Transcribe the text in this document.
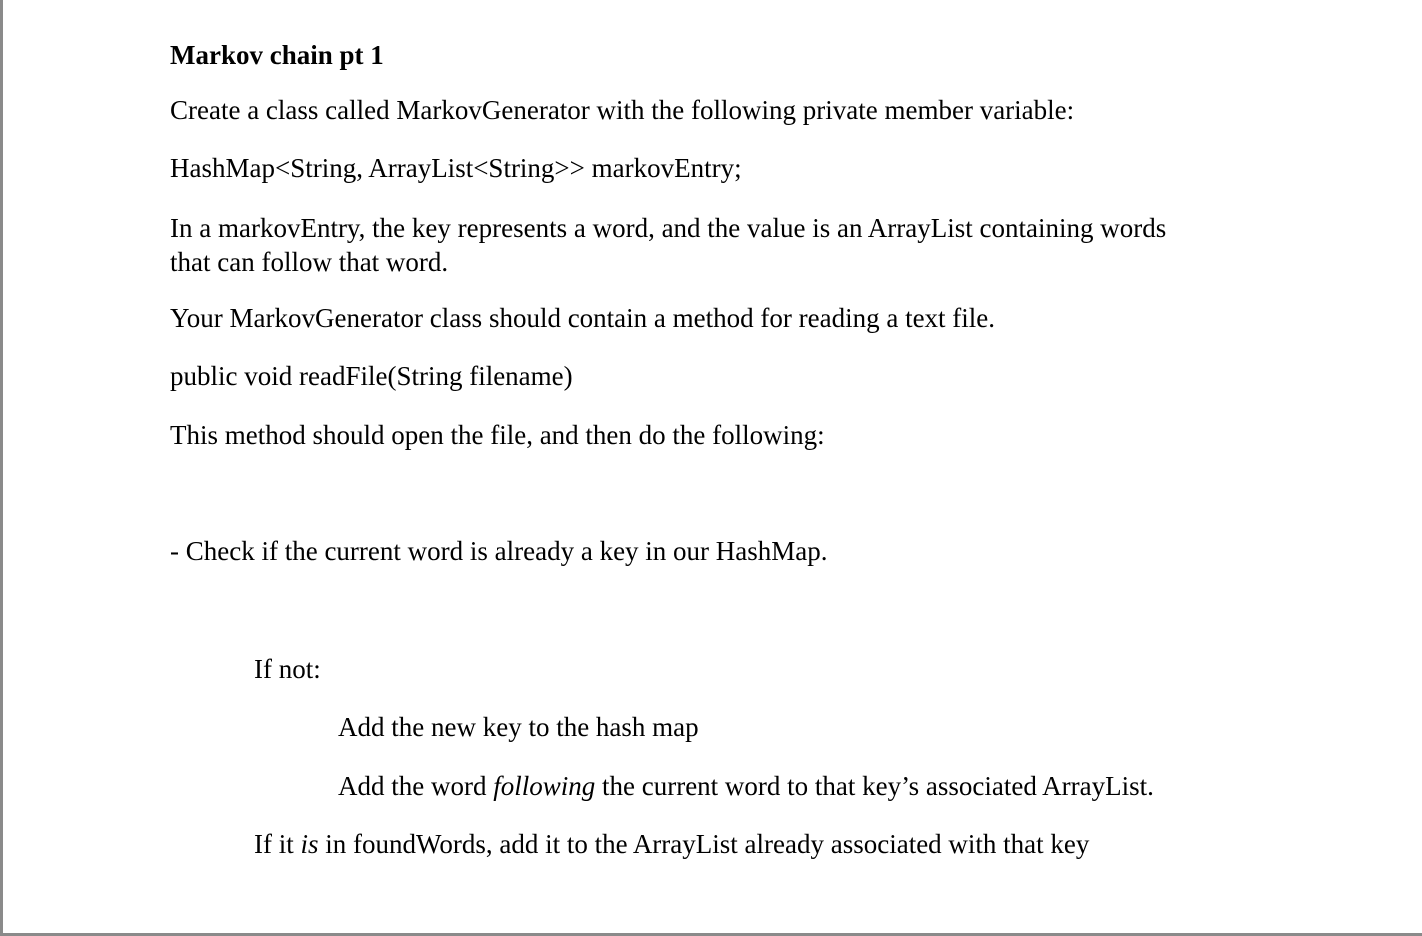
Markov chain pt 1
Create a class called MarkovGenerator with the following private member variable:
HashMap<String, ArrayList<String>> markovEntry;
In a markovEntry, the key represents a word, and the value is an ArrayList containing words that can follow that word.
Your MarkovGenerator class should contain a method for reading a text file.
public void readFile(String filename)
This method should open the file, and then do the following:
- Check if the current word is already a key in our HashMap.
If not:
Add the new key to the hash map
Add the word following the current word to that key’s associated ArrayList.
If it is in foundWords, add it to the ArrayList already associated with that key
